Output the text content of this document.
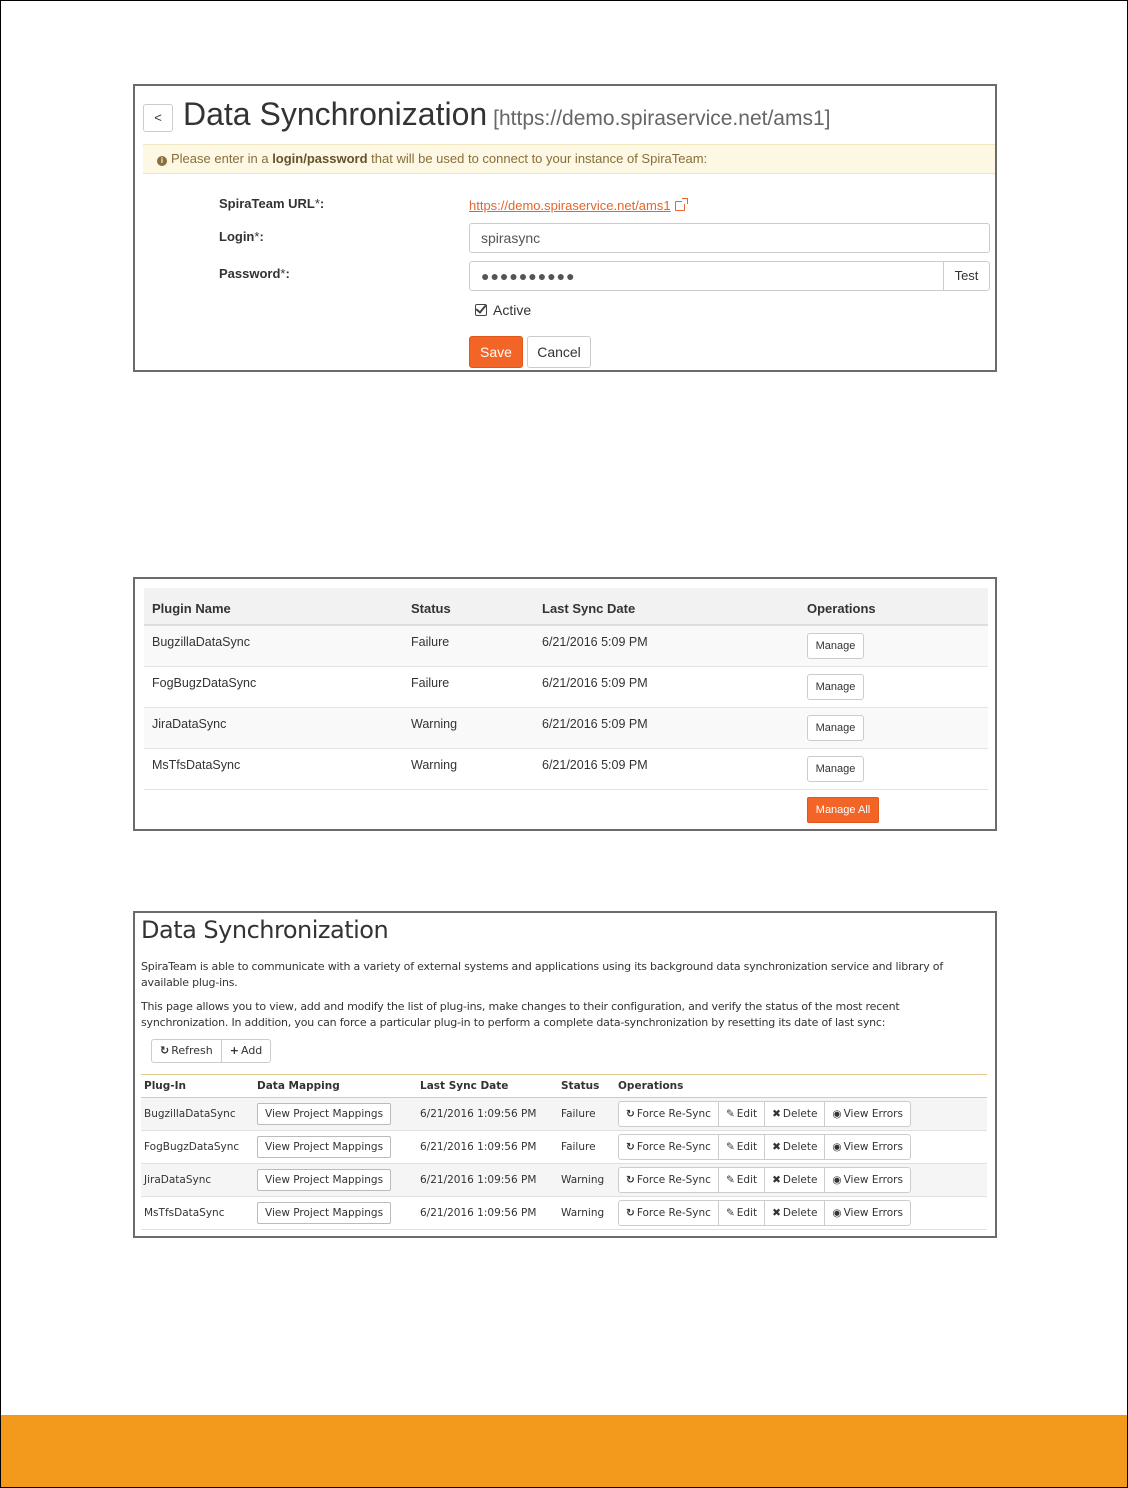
< Data Synchronization [https://demo.spiraservice.net/ams1]
i Please enter in a login/password that will be used to connect to your instance of SpiraTeam:
SpiraTeam URL*:	https://demo.spiraservice.net/ams1
Login*:	spirasync
Password*:	●●●●●●●●●●	Test
Active
Save	Cancel
Plugin Name	Status	Last Sync Date	Operations
BugzillaDataSync	Failure	6/21/2016 5:09 PM	Manage
FogBugzDataSync	Failure	6/21/2016 5:09 PM	Manage
JiraDataSync	Warning	6/21/2016 5:09 PM	Manage
MsTfsDataSync	Warning	6/21/2016 5:09 PM	Manage
			Manage All
Data Synchronization
SpiraTeam is able to communicate with a variety of external systems and applications using its background data synchronization service and library of available plug-ins.
This page allows you to view, add and modify the list of plug-ins, make changes to their configuration, and verify the status of the most recent synchronization. In addition, you can force a particular plug-in to perform a complete data-synchronization by resetting its date of last sync:
↻ Refresh	+ Add
Plug-In	Data Mapping	Last Sync Date	Status	Operations
BugzillaDataSync	View Project Mappings	6/21/2016 1:09:56 PM	Failure	↻ Force Re-Sync ✎ Edit ✖ Delete ◉ View Errors

FogBugzDataSync	View Project Mappings	6/21/2016 1:09:56 PM	Failure	↻ Force Re-Sync ✎ Edit ✖ Delete ◉ View Errors

JiraDataSync	View Project Mappings	6/21/2016 1:09:56 PM	Warning	↻ Force Re-Sync ✎ Edit ✖ Delete ◉ View Errors

MsTfsDataSync	View Project Mappings	6/21/2016 1:09:56 PM	Warning	↻ Force Re-Sync ✎ Edit ✖ Delete ◉ View Errors
